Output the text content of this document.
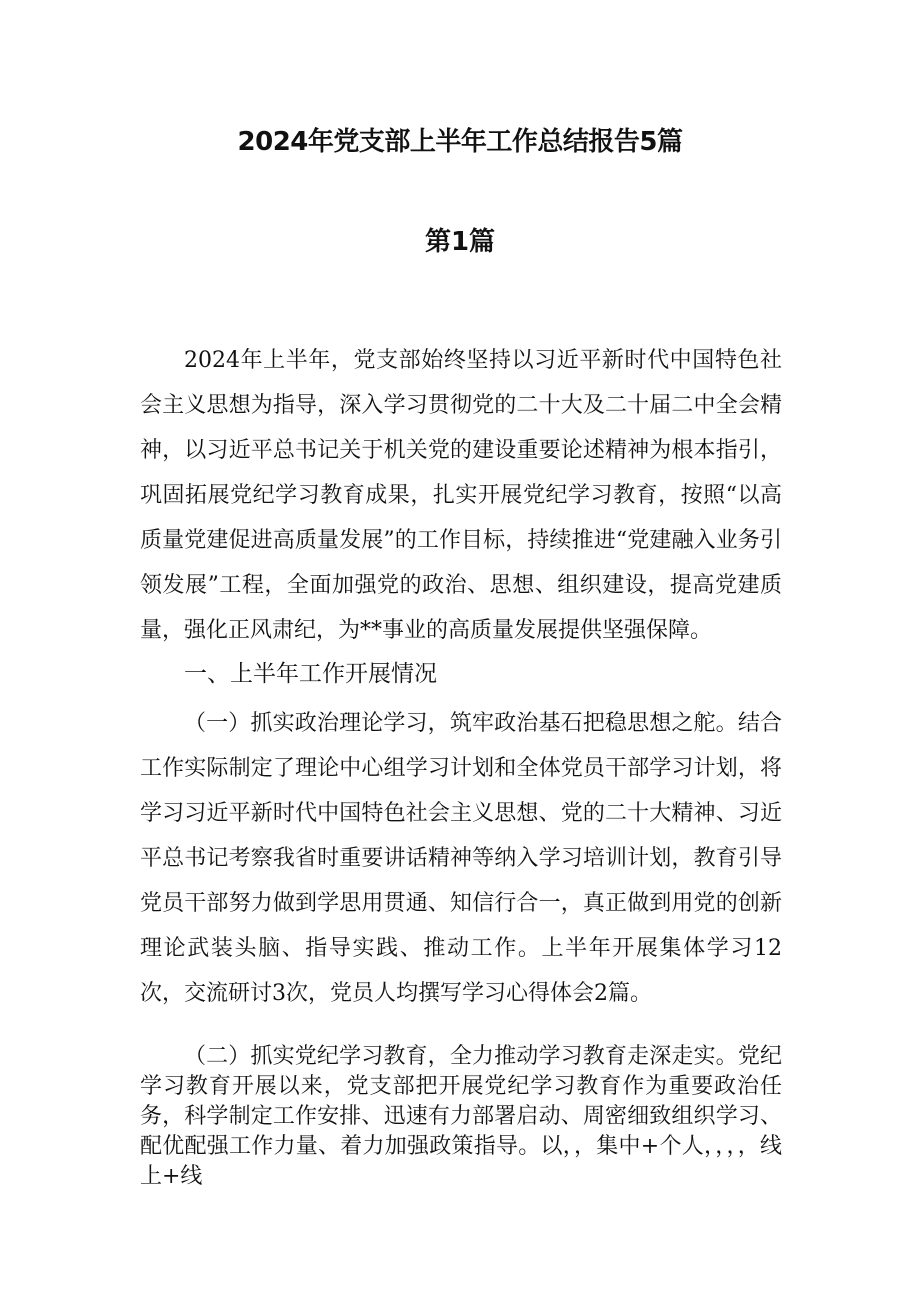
2024年党支部上半年工作总结报告5篇
第1篇

2024年上半年，党支部始终坚持以习近平新时代中国特色社会主义思想为指导，深入学习贯彻党的二十大及二十届二中全会精神，以习近平总书记关于机关党的建设重要论述精神为根本指引，巩固拓展党纪学习教育成果，扎实开展党纪学习教育，按照“以高质量党建促进高质量发展”的工作目标，持续推进“党建融入业务引领发展”工程，全面加强党的政治、思想、组织建设，提高党建质量，强化正风肃纪，为**事业的高质量发展提供坚强保障。

一、上半年工作开展情况

（一）抓实政治理论学习，筑牢政治基石把稳思想之舵。结合工作实际制定了理论中心组学习计划和全体党员干部学习计划，将学习习近平新时代中国特色社会主义思想、党的二十大精神、习近平总书记考察我省时重要讲话精神等纳入学习培训计划，教育引导党员干部努力做到学思用贯通、知信行合一，真正做到用党的创新理论武装头脑、指导实践、推动工作。上半年开展集体学习12次，交流研讨3次，党员人均撰写学习心得体会2篇。

（二）抓实党纪学习教育，全力推动学习教育走深走实。党纪学习教育开展以来，党支部把开展党纪学习教育作为重要政治任务，科学制定工作安排、迅速有力部署启动、周密细致组织学习、配优配强工作力量、着力加强政策指导。以，，集中+个人，，，，线上+线
